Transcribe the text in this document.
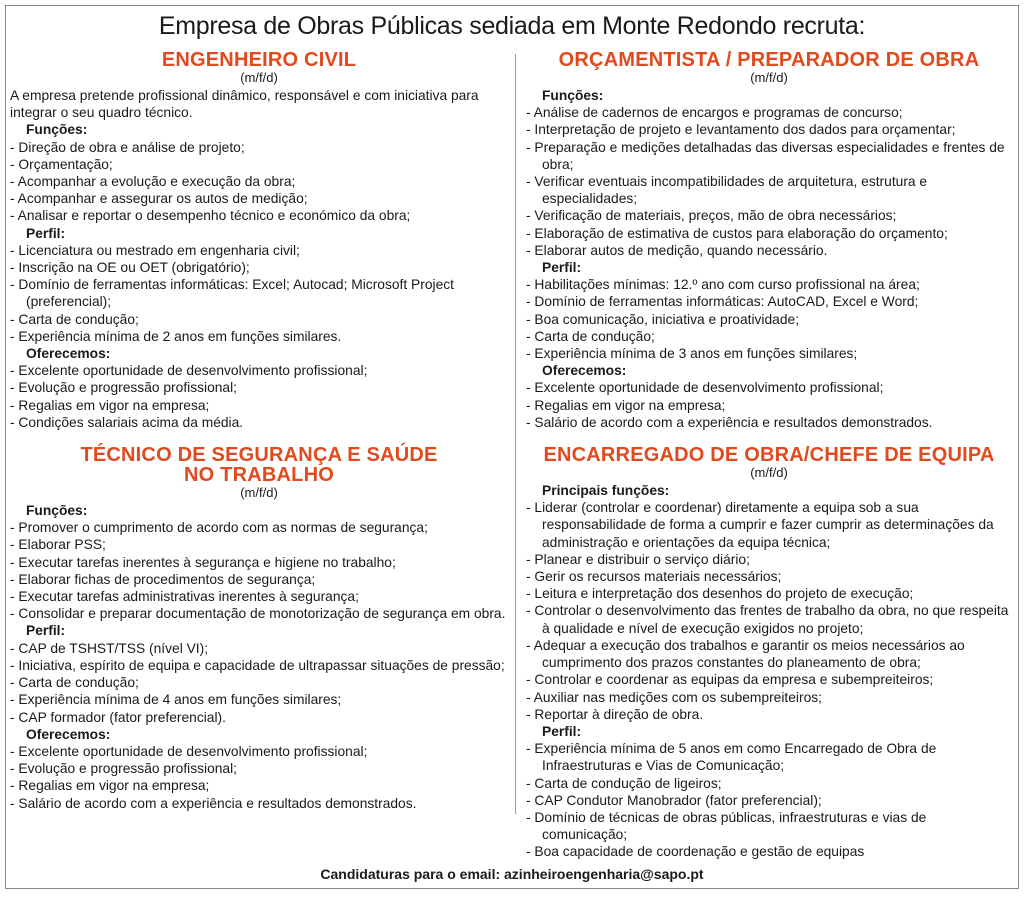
Empresa de Obras Públicas sediada em Monte Redondo recruta:
ENGENHEIRO CIVIL
(m/f/d)

A empresa pretende profissional dinâmico, responsável e com iniciativa para integrar o seu quadro técnico.

Funções:
- Direção de obra e análise de projeto;
- Orçamentação;
- Acompanhar a evolução e execução da obra;
- Acompanhar e assegurar os autos de medição;
- Analisar e reportar o desempenho técnico e económico da obra;
Perfil:
- Licenciatura ou mestrado em engenharia civil;
- Inscrição na OE ou OET (obrigatório);
- Domínio de ferramentas informáticas: Excel; Autocad; Microsoft Project (preferencial);
- Carta de condução;
- Experiência mínima de 2 anos em funções similares.
Oferecemos:
- Excelente oportunidade de desenvolvimento profissional;
- Evolução e progressão profissional;
- Regalias em vigor na empresa;
- Condições salariais acima da média.
TÉCNICO DE SEGURANÇA E SAÚDE
NO TRABALHO
(m/f/d)
Funções:
- Promover o cumprimento de acordo com as normas de segurança;
- Elaborar PSS;
- Executar tarefas inerentes à segurança e higiene no trabalho;
- Elaborar fichas de procedimentos de segurança;
- Executar tarefas administrativas inerentes à segurança;
- Consolidar e preparar documentação de monotorização de segurança em obra.
Perfil:
- CAP de TSHST/TSS (nível VI);
- Iniciativa, espírito de equipa e capacidade de ultrapassar situações de pressão;
- Carta de condução;
- Experiência mínima de 4 anos em funções similares;
- CAP formador (fator preferencial).
Oferecemos:
- Excelente oportunidade de desenvolvimento profissional;
- Evolução e progressão profissional;
- Regalias em vigor na empresa;
- Salário de acordo com a experiência e resultados demonstrados.
ORÇAMENTISTA / PREPARADOR DE OBRA
(m/f/d)
Funções:
- Análise de cadernos de encargos e programas de concurso;
- Interpretação de projeto e levantamento dos dados para orçamentar;
- Preparação e medições detalhadas das diversas especialidades e frentes de obra;
- Verificar eventuais incompatibilidades de arquitetura, estrutura e especialidades;
- Verificação de materiais, preços, mão de obra necessários;
- Elaboração de estimativa de custos para elaboração do orçamento;
- Elaborar autos de medição, quando necessário.
Perfil:
- Habilitações mínimas: 12.º ano com curso profissional na área;
- Domínio de ferramentas informáticas: AutoCAD, Excel e Word;
- Boa comunicação, iniciativa e proatividade;
- Carta de condução;
- Experiência mínima de 3 anos em funções similares;
Oferecemos:
- Excelente oportunidade de desenvolvimento profissional;
- Regalias em vigor na empresa;
- Salário de acordo com a experiência e resultados demonstrados.
ENCARREGADO DE OBRA/CHEFE DE EQUIPA
(m/f/d)
Principais funções:
- Liderar (controlar e coordenar) diretamente a equipa sob a sua responsabilidade de forma a cumprir e fazer cumprir as determinações da administração e orientações da equipa técnica;
- Planear e distribuir o serviço diário;
- Gerir os recursos materiais necessários;
- Leitura e interpretação dos desenhos do projeto de execução;
- Controlar o desenvolvimento das frentes de trabalho da obra, no que respeita à qualidade e nível de execução exigidos no projeto;
- Adequar a execução dos trabalhos e garantir os meios necessários ao cumprimento dos prazos constantes do planeamento de obra;
- Controlar e coordenar as equipas da empresa e subempreiteiros;
- Auxiliar nas medições com os subempreiteiros;
- Reportar à direção de obra.
Perfil:
- Experiência mínima de 5 anos em como Encarregado de Obra de Infraestruturas e Vias de Comunicação;
- Carta de condução de ligeiros;
- CAP Condutor Manobrador (fator preferencial);
- Domínio de técnicas de obras públicas, infraestruturas e vias de comunicação;
- Boa capacidade de coordenação e gestão de equipas
Candidaturas para o email: azinheiroengenharia@sapo.pt
